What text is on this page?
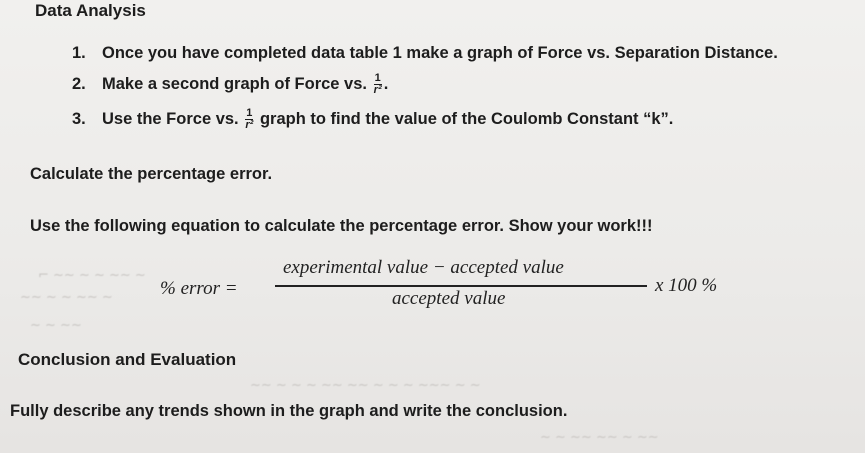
⌐ ~~ ∼ ~ ~∼ ~
~∼ ~ ~ ~∼ ∼
~ ~ ∼~
~∼ ~ ~ ~ ∼~ ~~ ~ ~ ∼ ~~∼ ~ ~
~ ∼ ~~ ~∼ ~ ~∼
Data Analysis
1. Once you have completed data table 1 make a graph of Force vs. Separation Distance.
2. Make a second graph of Force vs. $\frac{1}{\text{r²}}$ .
3. Use the Force vs. $\frac{1}{\text{r²}}$ graph to find the value of the Coulomb Constant “k”.
Calculate the percentage error.
Use the following equation to calculate the percentage error. Show your work!!!
% error =
experimental value − accepted value
accepted value
x 100 %
Conclusion and Evaluation
Fully describe any trends shown in the graph and write the conclusion.
